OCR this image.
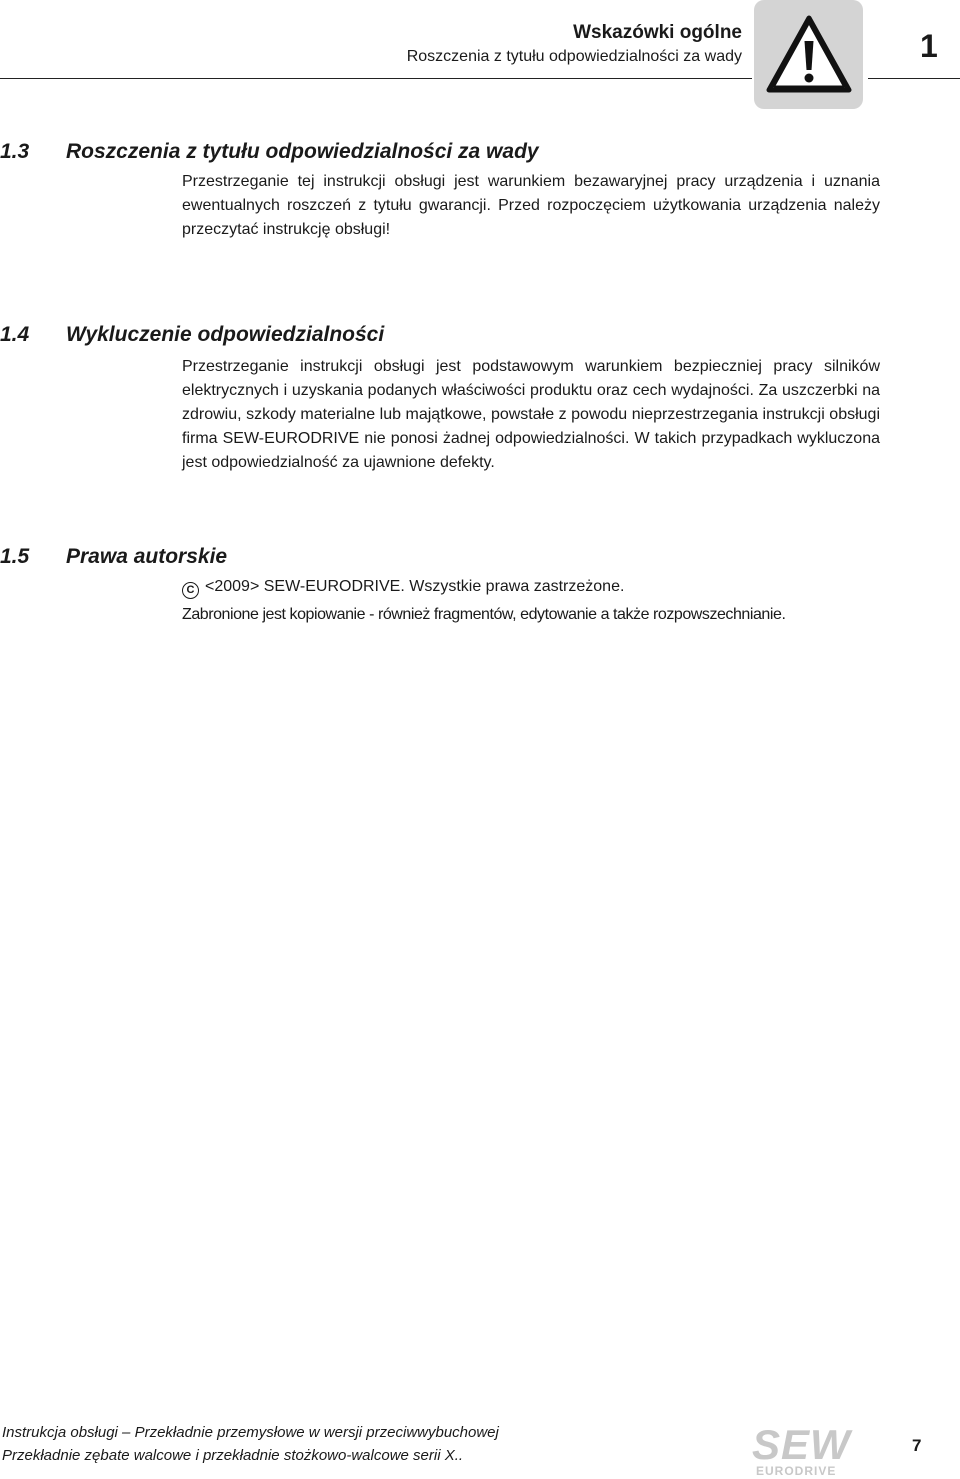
Wskazówki ogólne
Roszczenia z tytułu odpowiedzialności za wady	1
1.3 Roszczenia z tytułu odpowiedzialności za wady

Przestrzeganie tej instrukcji obsługi jest warunkiem bezawaryjnej pracy urządzenia i uznania ewentualnych roszczeń z tytułu gwarancji. Przed rozpoczęciem użytkowania urządzenia należy przeczytać instrukcję obsługi!

1.4 Wykluczenie odpowiedzialności

Przestrzeganie instrukcji obsługi jest podstawowym warunkiem bezpieczniej pracy silników elektrycznych i uzyskania podanych właściwości produktu oraz cech wydajności. Za uszczerbki na zdrowiu, szkody materialne lub majątkowe, powstałe z powodu nieprzestrzegania instrukcji obsługi firma SEW-EURODRIVE nie ponosi żadnej odpowiedzialności. W takich przypadkach wykluczona jest odpowiedzialność za ujawnione defekty.

1.5 Prawa autorskie
C <2009> SEW-EURODRIVE. Wszystkie prawa zastrzeżone.
Zabronione jest kopiowanie - również fragmentów, edytowanie a także rozpowszechnianie.
Instrukcja obsługi – Przekładnie przemysłowe w wersji przeciwwybuchowej
Przekładnie zębate walcowe i przekładnie stożkowo-walcowe serii X..	SEW
EURODRIVE
7
